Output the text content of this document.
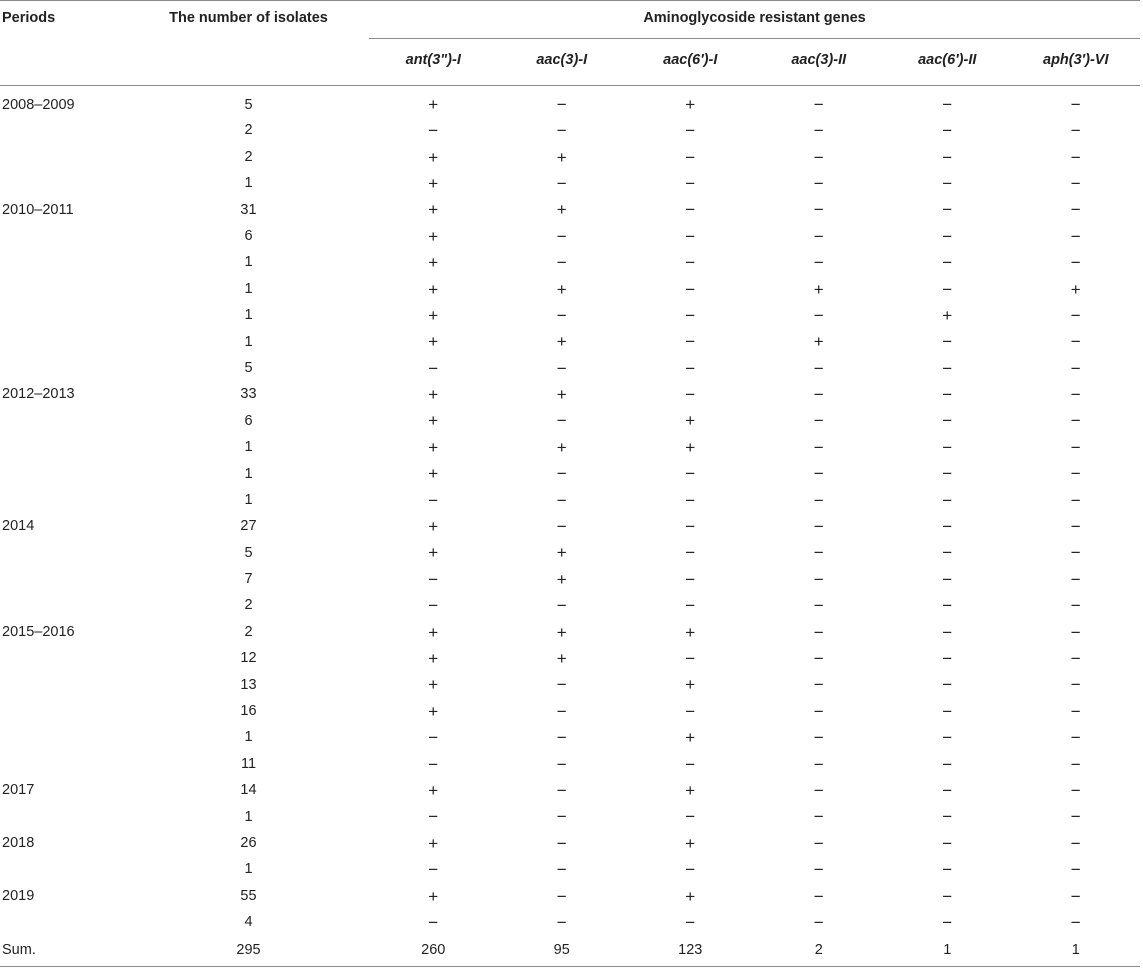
Periods	The number of isolates	Aminoglycoside resistant genes					
		ant(3")-I	aac(3)-I	aac(6′)-I	aac(3)-II	aac(6′)-II	aph(3′)-VI
2008–2009	5	+	−	+	−	−	−
	2	−	−	−	−	−	−
	2	+	+	−	−	−	−
	1	+	−	−	−	−	−
2010–2011	31	+	+	−	−	−	−
	6	+	−	−	−	−	−
	1	+	−	−	−	−	−
	1	+	+	−	+	−	+
	1	+	−	−	−	+	−
	1	+	+	−	+	−	−
	5	−	−	−	−	−	−
2012–2013	33	+	+	−	−	−	−
	6	+	−	+	−	−	−
	1	+	+	+	−	−	−
	1	+	−	−	−	−	−
	1	−	−	−	−	−	−
2014	27	+	−	−	−	−	−
	5	+	+	−	−	−	−
	7	−	+	−	−	−	−
	2	−	−	−	−	−	−
2015–2016	2	+	+	+	−	−	−
	12	+	+	−	−	−	−
	13	+	−	+	−	−	−
	16	+	−	−	−	−	−
	1	−	−	+	−	−	−
	11	−	−	−	−	−	−
2017	14	+	−	+	−	−	−
	1	−	−	−	−	−	−
2018	26	+	−	+	−	−	−
	1	−	−	−	−	−	−
2019	55	+	−	+	−	−	−
	4	−	−	−	−	−	−
Sum.	295	260	95	123	2	1	1
